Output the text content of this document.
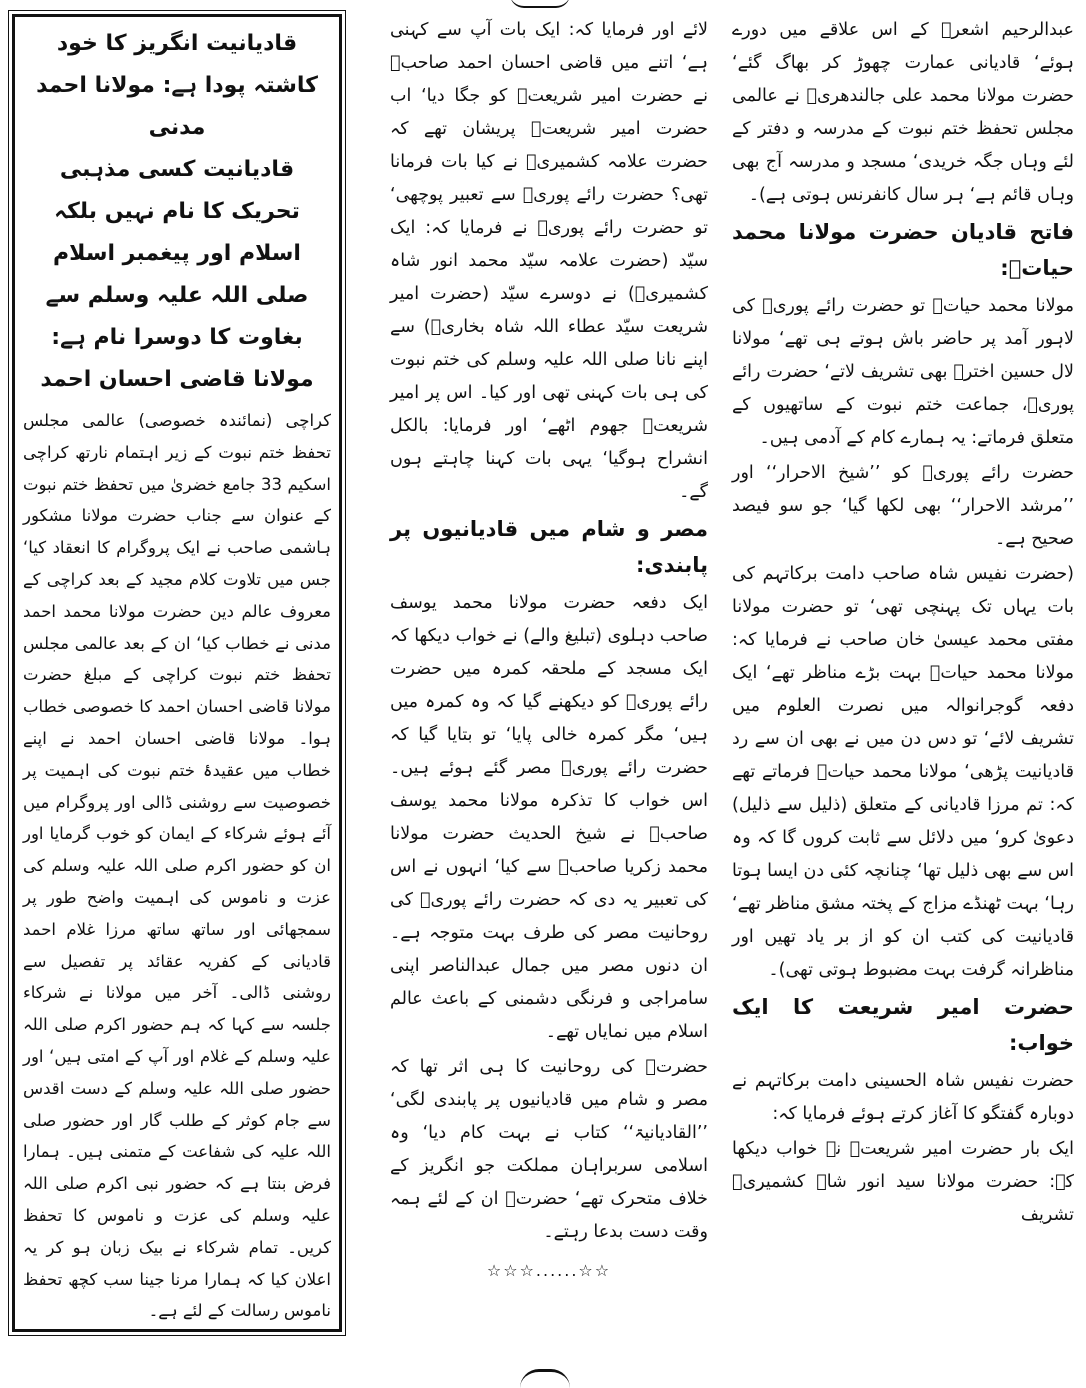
عبدالرحیم اشعرؒ کے اس علاقے میں دورے ہوئے‘ قادیانی عمارت چھوڑ کر بھاگ گئے‘ حضرت مولانا محمد علی جالندھریؒ نے عالمی مجلس تحفظ ختم نبوت کے مدرسہ و دفتر کے لئے وہاں جگہ خریدی‘ مسجد و مدرسہ آج بھی وہاں قائم ہے‘ ہر سال کانفرنس ہوتی ہے)۔

فاتح قادیان حضرت مولانا محمد حیاتؒ:

مولانا محمد حیاتؒ تو حضرت رائے پوریؒ کی لاہور آمد پر حاضر باش ہوتے ہی تھے‘ مولانا لال حسین اخترؒ بھی تشریف لاتے‘ حضرت رائے پوریؒ، جماعت ختم نبوت کے ساتھیوں کے متعلق فرماتے: یہ ہمارے کام کے آدمی ہیں۔

حضرت رائے پوریؒ کو ’’شیخ الاحرار‘‘ اور ’’مرشد الاحرار‘‘ بھی لکھا گیا‘ جو سو فیصد صحیح ہے۔

(حضرت نفیس شاہ صاحب دامت برکاتہم کی بات یہاں تک پہنچی تھی‘ تو حضرت مولانا مفتی محمد عیسیٰ خان صاحب نے فرمایا کہ: مولانا محمد حیاتؒ بہت بڑے مناظر تھے‘ ایک دفعہ گوجرانوالہ میں نصرت العلوم میں تشریف لائے‘ تو دس دن میں نے بھی ان سے رد قادیانیت پڑھی‘ مولانا محمد حیاتؒ فرماتے تھے کہ: تم مرزا قادیانی کے متعلق (ذلیل سے ذلیل) دعویٰ کرو‘ میں دلائل سے ثابت کروں گا کہ وہ اس سے بھی ذلیل تھا‘ چنانچہ کئی دن ایسا ہوتا رہا‘ بہت ٹھنڈے مزاج کے پختہ مشق مناظر تھے‘ قادیانیت کی کتب ان کو از بر یاد تھیں اور مناظرانہ گرفت بہت مضبوط ہوتی تھی)۔

حضرت امیر شریعت کا ایک خواب:

حضرت نفیس شاہ الحسینی دامت برکاتہم نے دوبارہ گفتگو کا آغاز کرتے ہوئے فرمایا کہ:

ایک بار حضرت امیر شریعتؒ نے خواب دیکھا کہ: حضرت مولانا سید انور شاہ کشمیریؒ تشریف

لائے اور فرمایا کہ: ایک بات آپ سے کہنی ہے‘ اتنے میں قاضی احسان احمد صاحبؒ نے حضرت امیر شریعتؒ کو جگا دیا‘ اب حضرت امیر شریعتؒ پریشان تھے کہ حضرت علامہ کشمیریؒ نے کیا بات فرمانا تھی؟ حضرت رائے پوریؒ سے تعبیر پوچھی‘ تو حضرت رائے پوریؒ نے فرمایا کہ: ایک سیّد (حضرت علامہ سیّد محمد انور شاہ کشمیریؒ) نے دوسرے سیّد (حضرت امیر شریعت سیّد عطاء اللہ شاہ بخاریؒ) سے اپنے نانا صلی اللہ علیہ وسلم کی ختم نبوت کی ہی بات کہنی تھی اور کیا۔ اس پر امیر شریعتؒ جھوم اٹھے‘ اور فرمایا: بالکل انشراح ہوگیا‘ یہی بات کہنا چاہتے ہوں گے۔

مصر و شام میں قادیانیوں پر پابندی:

ایک دفعہ حضرت مولانا محمد یوسف صاحب دہلوی (تبلیغ والے) نے خواب دیکھا کہ ایک مسجد کے ملحقہ کمرہ میں حضرت رائے پوریؒ کو دیکھنے گیا کہ وہ کمرہ میں ہیں‘ مگر کمرہ خالی پایا‘ تو بتایا گیا کہ حضرت رائے پوریؒ مصر گئے ہوئے ہیں۔ اس خواب کا تذکرہ مولانا محمد یوسف صاحبؒ نے شیخ الحدیث حضرت مولانا محمد زکریا صاحبؒ سے کیا‘ انہوں نے اس کی تعبیر یہ دی کہ حضرت رائے پوریؒ کی روحانیت مصر کی طرف بہت متوجہ ہے۔ ان دنوں مصر میں جمال عبدالناصر اپنی سامراجی و فرنگی دشمنی کے باعث عالم اسلام میں نمایاں تھے۔

حضرتؒ کی روحانیت کا ہی اثر تھا کہ مصر و شام میں قادیانیوں پر پابندی لگی‘ ’’القادیانیۃ‘‘ کتاب نے بہت کام دیا‘ وہ اسلامی سربراہان مملکت جو انگریز کے خلاف متحرک تھے‘ حضرتؒ ان کے لئے ہمہ وقت دست بدعا رہتے۔

☆☆......☆☆☆

قادیانیت انگریز کا خود کاشتہ پودا ہے: مولانا احمد مدنی

قادیانیت کسی مذہبی تحریک کا نام نہیں بلکہ اسلام اور پیغمبر اسلام صلی اللہ علیہ وسلم سے بغاوت کا دوسرا نام ہے: مولانا قاضی احسان احمد

کراچی (نمائندہ خصوصی) عالمی مجلس تحفظ ختم نبوت کے زیر اہتمام نارتھ کراچی اسکیم 33 جامع خضریٰ میں تحفظ ختم نبوت کے عنوان سے جناب حضرت مولانا مشکور ہاشمی صاحب نے ایک پروگرام کا انعقاد کیا‘ جس میں تلاوت کلام مجید کے بعد کراچی کے معروف عالم دین حضرت مولانا محمد احمد مدنی نے خطاب کیا‘ ان کے بعد عالمی مجلس تحفظ ختم نبوت کراچی کے مبلغ حضرت مولانا قاضی احسان احمد کا خصوصی خطاب ہوا۔ مولانا قاضی احسان احمد نے اپنے خطاب میں عقیدۂ ختم نبوت کی اہمیت پر خصوصیت سے روشنی ڈالی اور پروگرام میں آئے ہوئے شرکاء کے ایمان کو خوب گرمایا اور ان کو حضور اکرم صلی اللہ علیہ وسلم کی عزت و ناموس کی اہمیت واضح طور پر سمجھائی اور ساتھ ساتھ مرزا غلام احمد قادیانی کے کفریہ عقائد پر تفصیل سے روشنی ڈالی۔ آخر میں مولانا نے شرکاء جلسہ سے کہا کہ ہم حضور اکرم صلی اللہ علیہ وسلم کے غلام اور آپ کے امتی ہیں‘ اور حضور صلی اللہ علیہ وسلم کے دست اقدس سے جام کوثر کے طلب گار اور حضور صلی اللہ علیہ کی شفاعت کے متمنی ہیں۔ ہمارا فرض بنتا ہے کہ حضور نبی اکرم صلی اللہ علیہ وسلم کی عزت و ناموس کا تحفظ کریں۔ تمام شرکاء نے بیک زبان ہو کر یہ اعلان کیا کہ ہمارا مرنا جینا سب کچھ تحفظ ناموس رسالت کے لئے ہے۔
